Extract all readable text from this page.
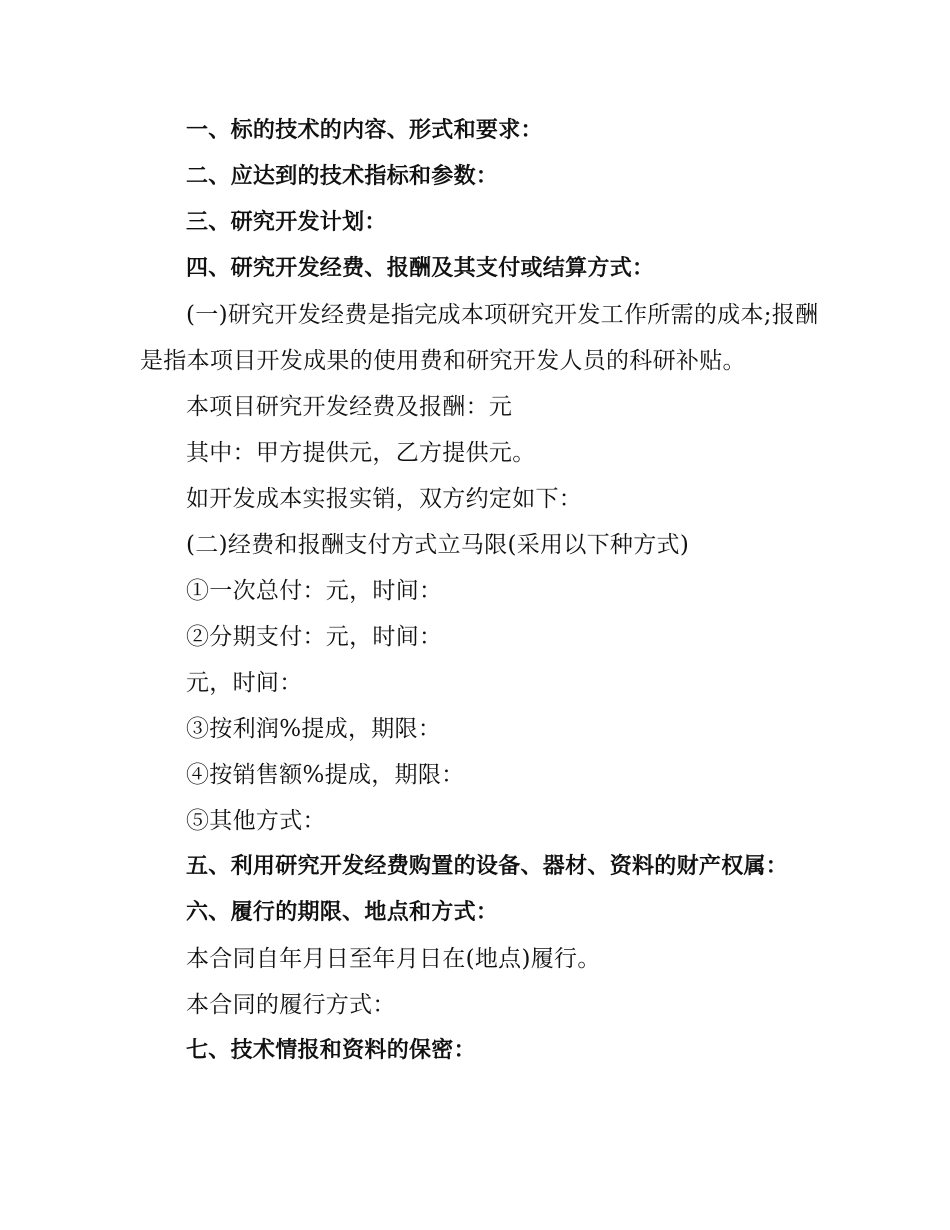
一、标的技术的内容、形式和要求：

二、应达到的技术指标和参数：

三、研究开发计划：

四、研究开发经费、报酬及其支付或结算方式：

(一)研究开发经费是指完成本项研究开发工作所需的成本;报酬是指本项目开发成果的使用费和研究开发人员的科研补贴。

本项目研究开发经费及报酬：元

其中：甲方提供元，乙方提供元。

如开发成本实报实销，双方约定如下：

(二)经费和报酬支付方式立马限(采用以下种方式)

①一次总付：元，时间：

②分期支付：元，时间：

元，时间：

③按利润%提成，期限：

④按销售额%提成，期限：

⑤其他方式：

五、利用研究开发经费购置的设备、器材、资料的财产权属：

六、履行的期限、地点和方式：

本合同自年月日至年月日在(地点)履行。

本合同的履行方式：

七、技术情报和资料的保密：
